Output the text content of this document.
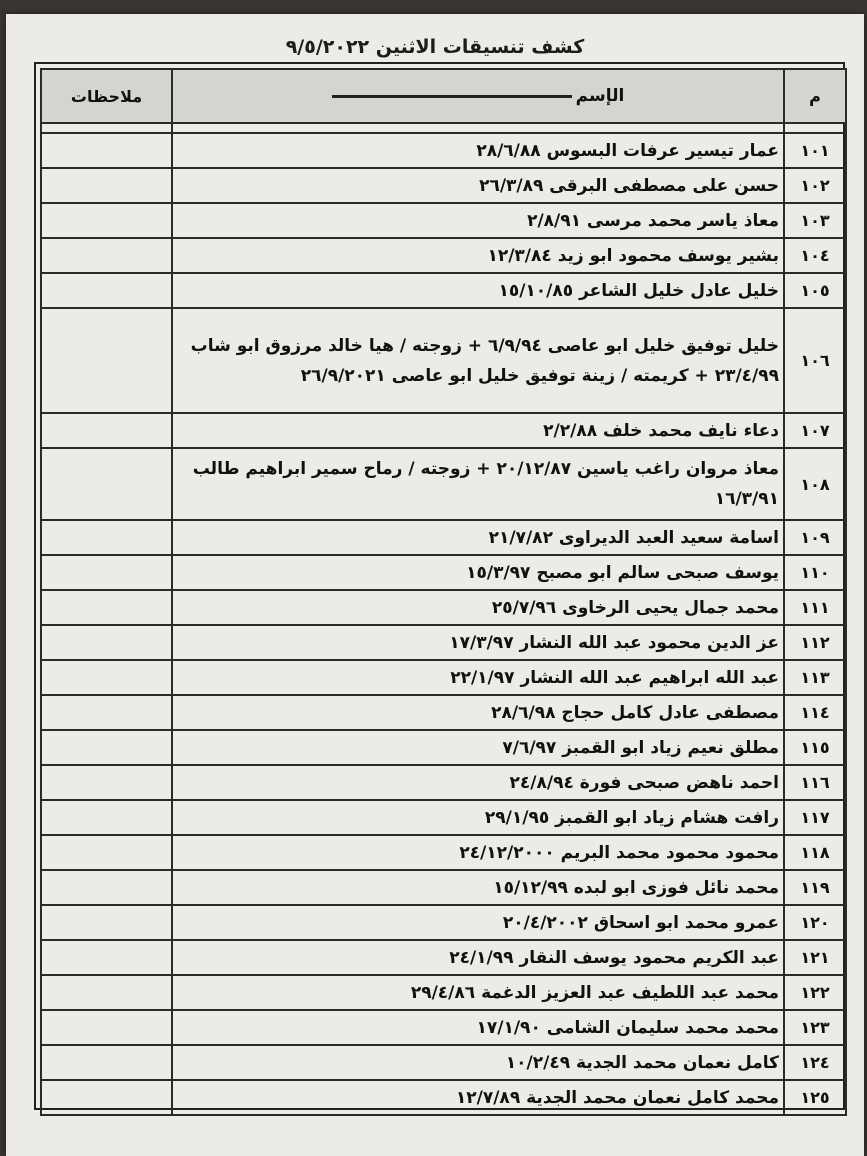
كشف تنسيقات الاثنين ٩/٥/٢٠٢٢
م	الإسم	ملاحظات

١٠١	عمار تيسير عرفات البسوس ٢٨/٦/٨٨	
١٠٢	حسن على مصطفى البرقى ٢٦/٣/٨٩	
١٠٣	معاذ ياسر محمد مرسى ٢/٨/٩١	
١٠٤	بشير يوسف محمود ابو زيد ١٢/٣/٨٤	
١٠٥	خليل عادل خليل الشاعر ١٥/١٠/٨٥	
١٠٦	خليل توفيق خليل ابو عاصى ٦/٩/٩٤ + زوجته / هيا خالد مرزوق ابو شاب ٢٣/٤/٩٩ + كريمته / زينة توفيق خليل ابو عاصى ٢٦/٩/٢٠٢١	
١٠٧	دعاء نايف محمد خلف ٢/٢/٨٨	
١٠٨	معاذ مروان راغب ياسين ٢٠/١٢/٨٧ + زوجته / رماح سمير ابراهيم طالب ١٦/٣/٩١	
١٠٩	اسامة سعيد العبد الديراوى ٢١/٧/٨٢	
١١٠	يوسف صبحى سالم ابو مصبح ١٥/٣/٩٧	
١١١	محمد جمال يحيى الرخاوى ٢٥/٧/٩٦	
١١٢	عز الدين محمود عبد الله النشار ١٧/٣/٩٧	
١١٣	عبد الله ابراهيم عبد الله النشار ٢٢/١/٩٧	
١١٤	مصطفى عادل كامل حجاج ٢٨/٦/٩٨	
١١٥	مطلق نعيم زياد ابو القمبز ٧/٦/٩٧	
١١٦	احمد ناهض صبحى فورة ٢٤/٨/٩٤	
١١٧	رافت هشام زياد ابو القمبز ٢٩/١/٩٥	
١١٨	محمود محمود محمد البريم ٢٤/١٢/٢٠٠٠	
١١٩	محمد نائل فوزى ابو لبده ١٥/١٢/٩٩	
١٢٠	عمرو محمد ابو اسحاق ٢٠/٤/٢٠٠٢	
١٢١	عبد الكريم محمود يوسف النقار ٢٤/١/٩٩	
١٢٢	محمد عبد اللطيف عبد العزيز الدغمة ٢٩/٤/٨٦	
١٢٣	محمد محمد سليمان الشامى ١٧/١/٩٠	
١٢٤	كامل نعمان محمد الجدية ١٠/٢/٤٩	
١٢٥	محمد كامل نعمان محمد الجدية ١٢/٧/٨٩	
